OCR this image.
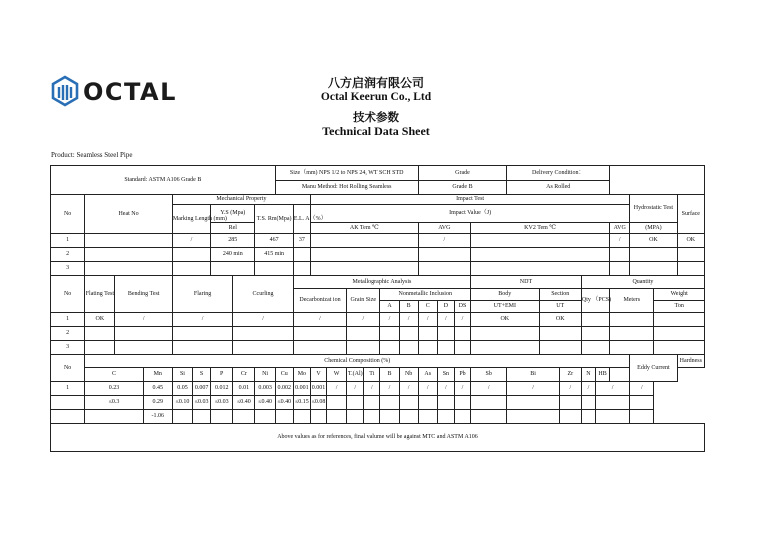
OCTAL	八方启润有限公司
Octal Keerun Co., Ltd
技术参数
Technical Data Sheet
Product: Seamless Steel Pipe
Standard: ASTM A106 Grade B									Size（mm) NPS 1/2 to NPS 24, WT SCH STD								Grade				Delivery Condition：								
									Manu Method: Hot Rolling Seamless								Grade B				As Rolled								
No	Heat No			Mechanical Property							Impact Test																Hydrostatic Test		Surface
				Marking Length (mm)		Y.S (Mpa)		T.S. Rm(Mpa)		E.L. A（%）	Impact Value（J)																		
						Rel					AK Tem ℃						AVG			KV2 Tem ℃						AVG	(MPA)		
1				/		285		467		37							/									/	OK		OK
2						240 min		415 min																					
3																													
No	Flating Test	Bending Test		Flaring			Ccurling			Metallographic Analysis										NDT				Quantity					
										Decarbonizat ion			Grain Size		Nonmetallic Inclusion					Body		Section		Qty （PCS)		Meters		Weight	
															A	B	C	D	DS	UT+EMI		UT						Ton	
1	OK	/		/			/			/			/		/	/	/	/	/	OK		OK							
2																													
3																													
No	Chemical Composition (%)																										Eddy Current		Hardness
	C		Mn	Si	S	P	Cr	Ni	Cu	Mo	V	W	T.(Al)	Ti	B	Nb	As	Sn	Pb	Sb	Bi		Zr	N	HB				
1	0.23		0.45	0.05	0.007	0.012	0.01	0.003	0.002	0.001	0.001	/	/	/	/	/	/	/	/	/	/		/	/	/		/		
	≤0.3		0.29	≤0.10	≤0.03	≤0.03	≤0.40	≤0.40	≤0.40	≤0.15	≤0.08																		
			-1.06																										
Above values as for references, final valume will be against MTC and ASTM A106																													
